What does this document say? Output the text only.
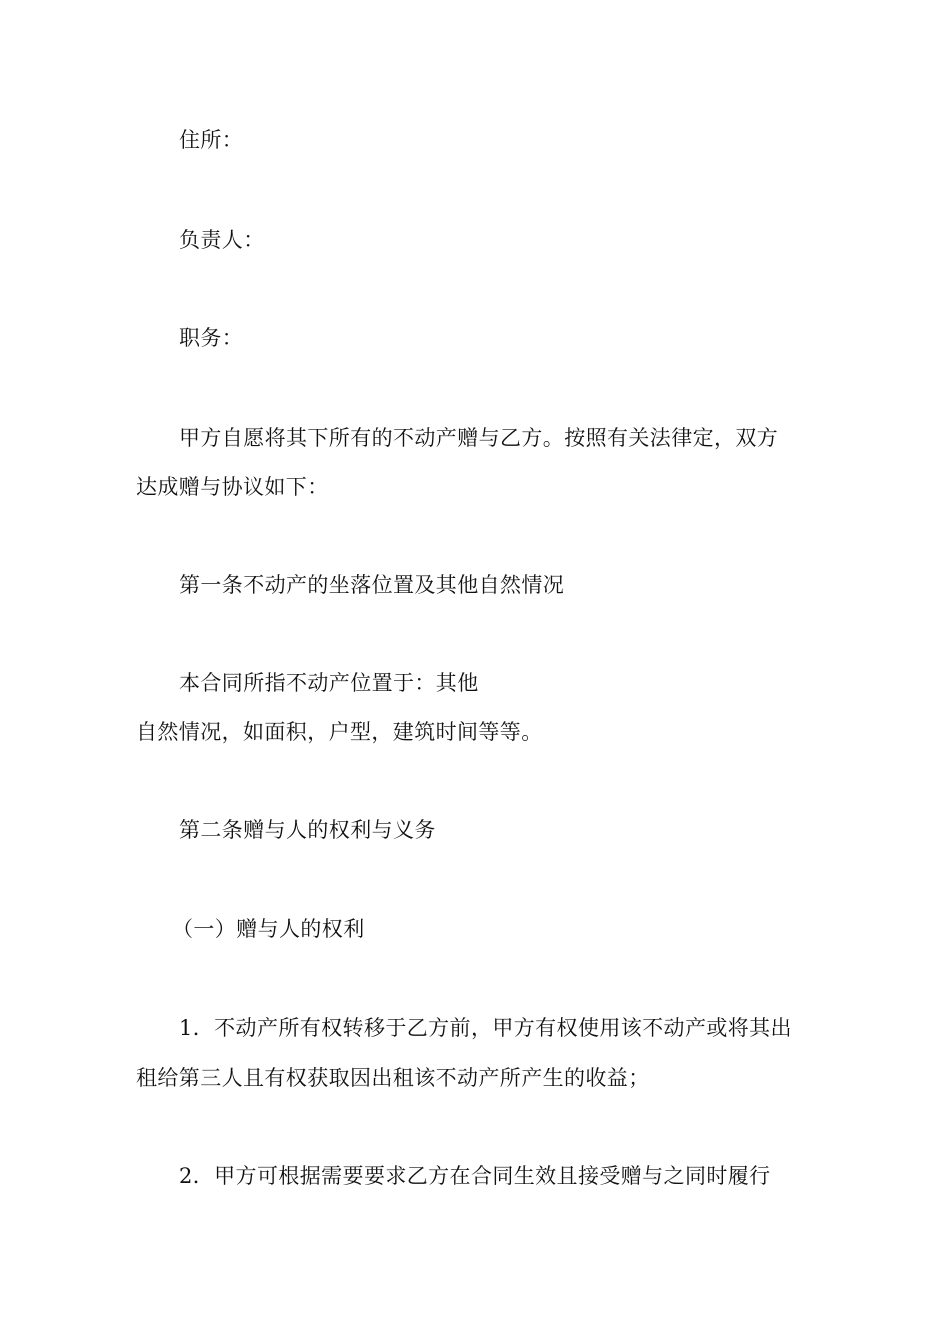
住所：
负责人：
职务：
甲方自愿将其下所有的不动产赠与乙方。按照有关法律定，双方
达成赠与协议如下：
第一条不动产的坐落位置及其他自然情况
本合同所指不动产位置于：其他
自然情况，如面积，户型，建筑时间等等。
第二条赠与人的权利与义务
（一）赠与人的权利
1．不动产所有权转移于乙方前，甲方有权使用该不动产或将其出
租给第三人且有权获取因出租该不动产所产生的收益；
2．甲方可根据需要要求乙方在合同生效且接受赠与之同时履行
